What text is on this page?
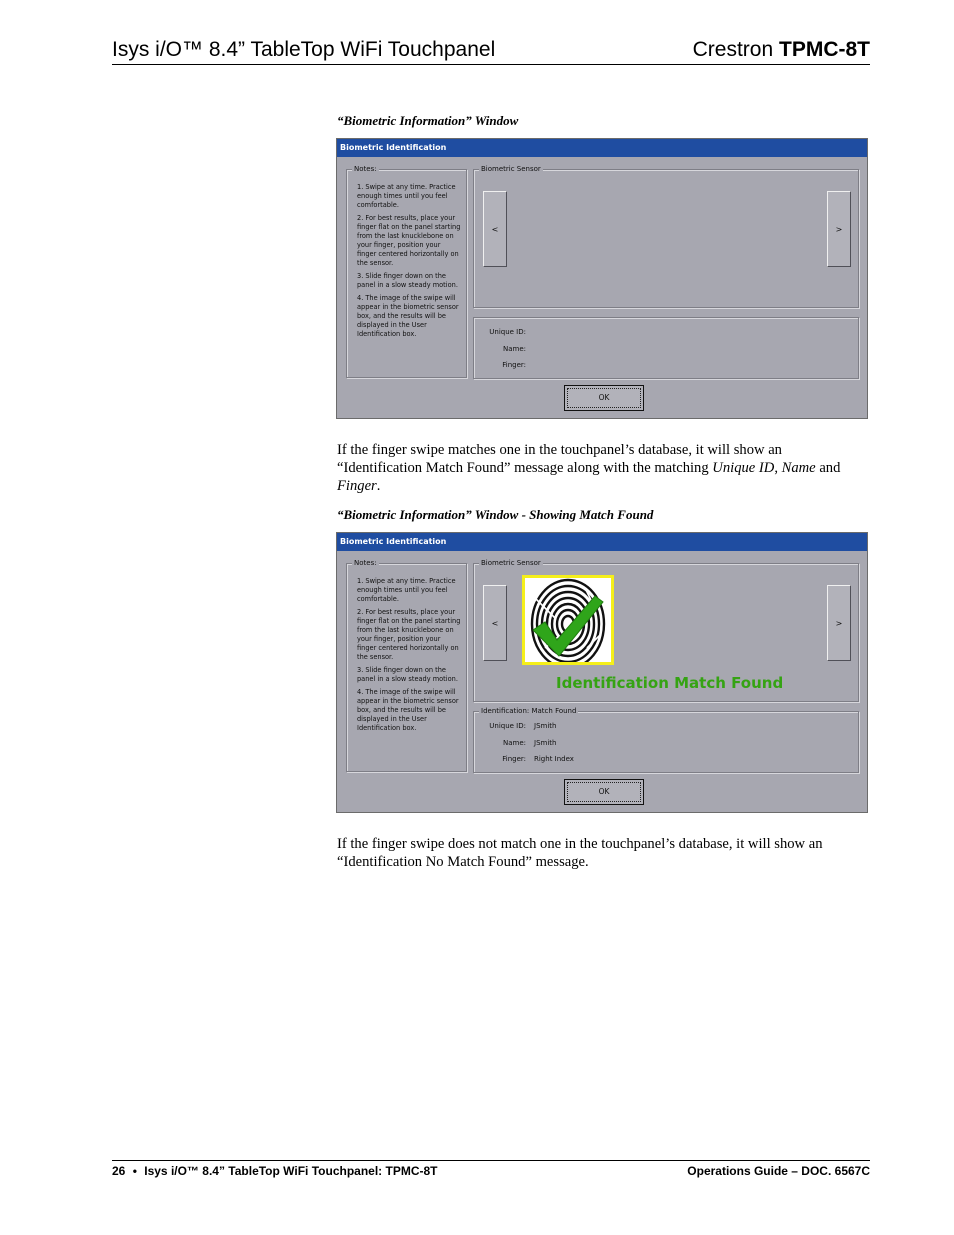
Isys i/O™ 8.4” TableTop WiFi Touchpanel	Crestron TPMC-8T
“Biometric Information” Window
Biometric Identification
Notes:

1. Swipe at any time. Practice enough times until you feel comfortable.

2. For best results, place your finger flat on the panel starting from the last knucklebone on your finger, position your finger centered horizontally on the sensor.

3. Slide finger down on the panel in a slow steady motion.

4. The image of the swipe will appear in the biometric sensor box, and the results will be displayed in the User Identification box.

Biometric Sensor
<	>
Unique ID:
Name:
Finger:
OK
If the finger swipe matches one in the touchpanel’s database, it will show an “Identification Match Found” message along with the matching Unique ID, Name and Finger.
“Biometric Information” Window - Showing Match Found
Biometric Identification
Notes:

1. Swipe at any time. Practice enough times until you feel comfortable.

2. For best results, place your finger flat on the panel starting from the last knucklebone on your finger, position your finger centered horizontally on the sensor.

3. Slide finger down on the panel in a slow steady motion.

4. The image of the swipe will appear in the biometric sensor box, and the results will be displayed in the User Identification box.

Biometric Sensor
<	>
Identification Match Found
Identification: Match Found
Unique ID: JSmith
Name: JSmith
Finger: Right Index
OK
If the finger swipe does not match one in the touchpanel’s database, it will show an “Identification No Match Found” message.
26 • Isys i/O™ 8.4” TableTop WiFi Touchpanel: TPMC-8T	Operations Guide – DOC. 6567C
